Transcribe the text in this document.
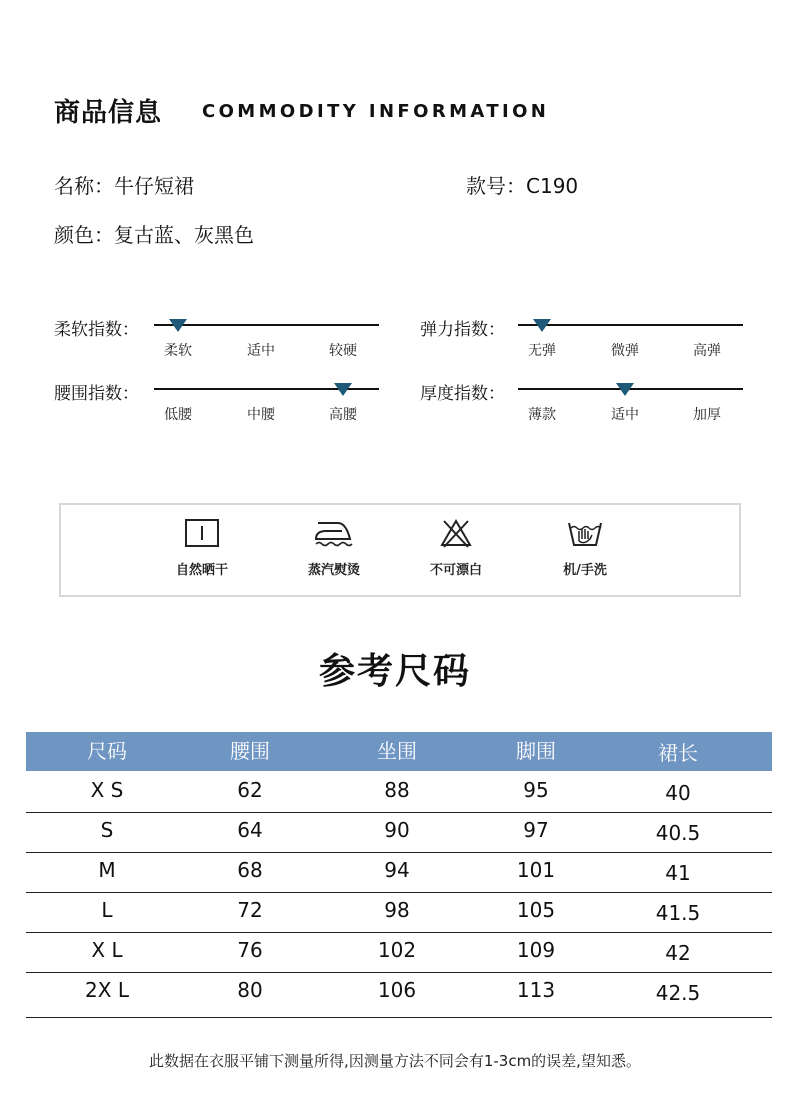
商品信息 COMMODITY INFORMATION
名称：牛仔短裙	款号：C190
颜色：复古蓝、灰黑色
柔软指数：
柔软	适中	较硬
弹力指数：
无弹	微弹	高弹
腰围指数：
低腰	中腰	高腰
厚度指数：
薄款	适中	加厚
自然晒干	蒸汽熨烫	不可漂白	机/手洗
参考尺码
尺码	腰围	坐围	脚围	裙长
X S	62	88	95	40
S	64	90	97	40.5
M	68	94	101	41
L	72	98	105	41.5
X L	76	102	109	42
2X L	80	106	113	42.5
此数据在衣服平铺下测量所得,因测量方法不同会有1-3cm的误差,望知悉。
